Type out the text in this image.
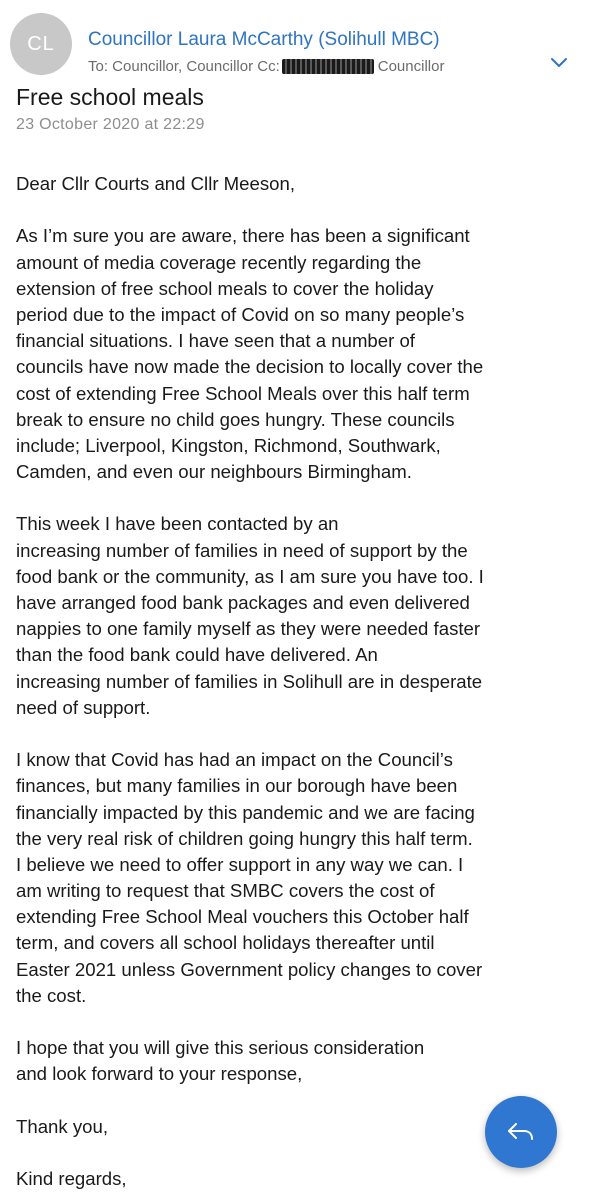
CL Councillor Laura McCarthy (Solihull MBC)
To: Councillor, Councillor Cc:	Councillor
Free school meals
23 October 2020 at 22:29
Dear Cllr Courts and Cllr Meeson,
As I’m sure you are aware, there has been a significant
amount of media coverage recently regarding the
extension of free school meals to cover the holiday
period due to the impact of Covid on so many people’s
financial situations. I have seen that a number of
councils have now made the decision to locally cover the
cost of extending Free School Meals over this half term
break to ensure no child goes hungry. These councils
include; Liverpool, Kingston, Richmond, Southwark,
Camden, and even our neighbours Birmingham.
This week I have been contacted by an
increasing number of families in need of support by the
food bank or the community, as I am sure you have too. I
have arranged food bank packages and even delivered
nappies to one family myself as they were needed faster
than the food bank could have delivered. An
increasing number of families in Solihull are in desperate
need of support.
I know that Covid has had an impact on the Council’s
finances, but many families in our borough have been
financially impacted by this pandemic and we are facing
the very real risk of children going hungry this half term.
I believe we need to offer support in any way we can. I
am writing to request that SMBC covers the cost of
extending Free School Meal vouchers this October half
term, and covers all school holidays thereafter until
Easter 2021 unless Government policy changes to cover
the cost.
I hope that you will give this serious consideration
and look forward to your response,
Thank you,
Kind regards,
